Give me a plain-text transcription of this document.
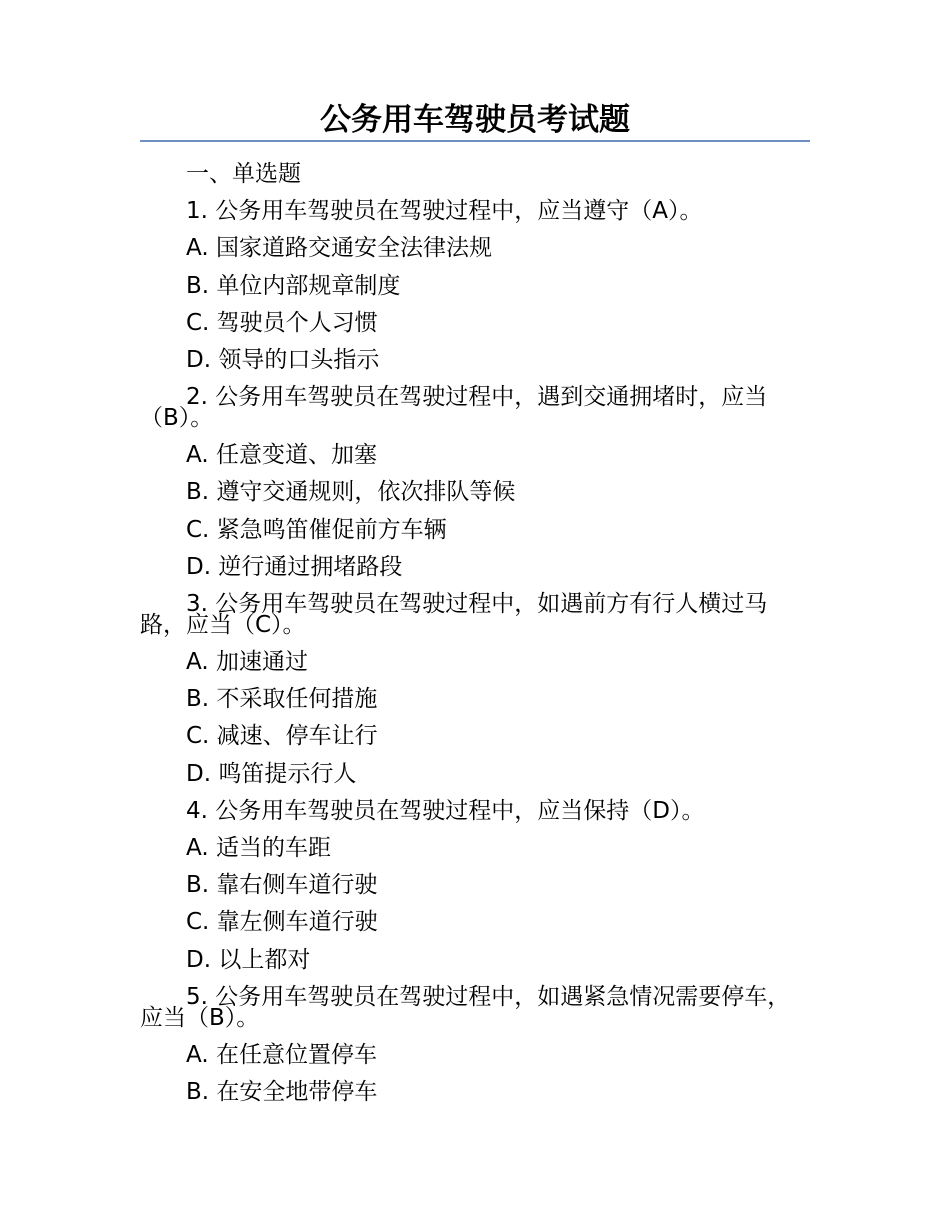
公务用车驾驶员考试题

一、单选题

1. 公务用车驾驶员在驾驶过程中，应当遵守（A）。

A. 国家道路交通安全法律法规

B. 单位内部规章制度

C. 驾驶员个人习惯

D. 领导的口头指示

2. 公务用车驾驶员在驾驶过程中，遇到交通拥堵时，应当（B）。

A. 任意变道、加塞

B. 遵守交通规则，依次排队等候

C. 紧急鸣笛催促前方车辆

D. 逆行通过拥堵路段

3. 公务用车驾驶员在驾驶过程中，如遇前方有行人横过马路，应当（C）。

A. 加速通过

B. 不采取任何措施

C. 减速、停车让行

D. 鸣笛提示行人

4. 公务用车驾驶员在驾驶过程中，应当保持（D）。

A. 适当的车距

B. 靠右侧车道行驶

C. 靠左侧车道行驶

D. 以上都对

5. 公务用车驾驶员在驾驶过程中，如遇紧急情况需要停车，应当（B）。

A. 在任意位置停车

B. 在安全地带停车
